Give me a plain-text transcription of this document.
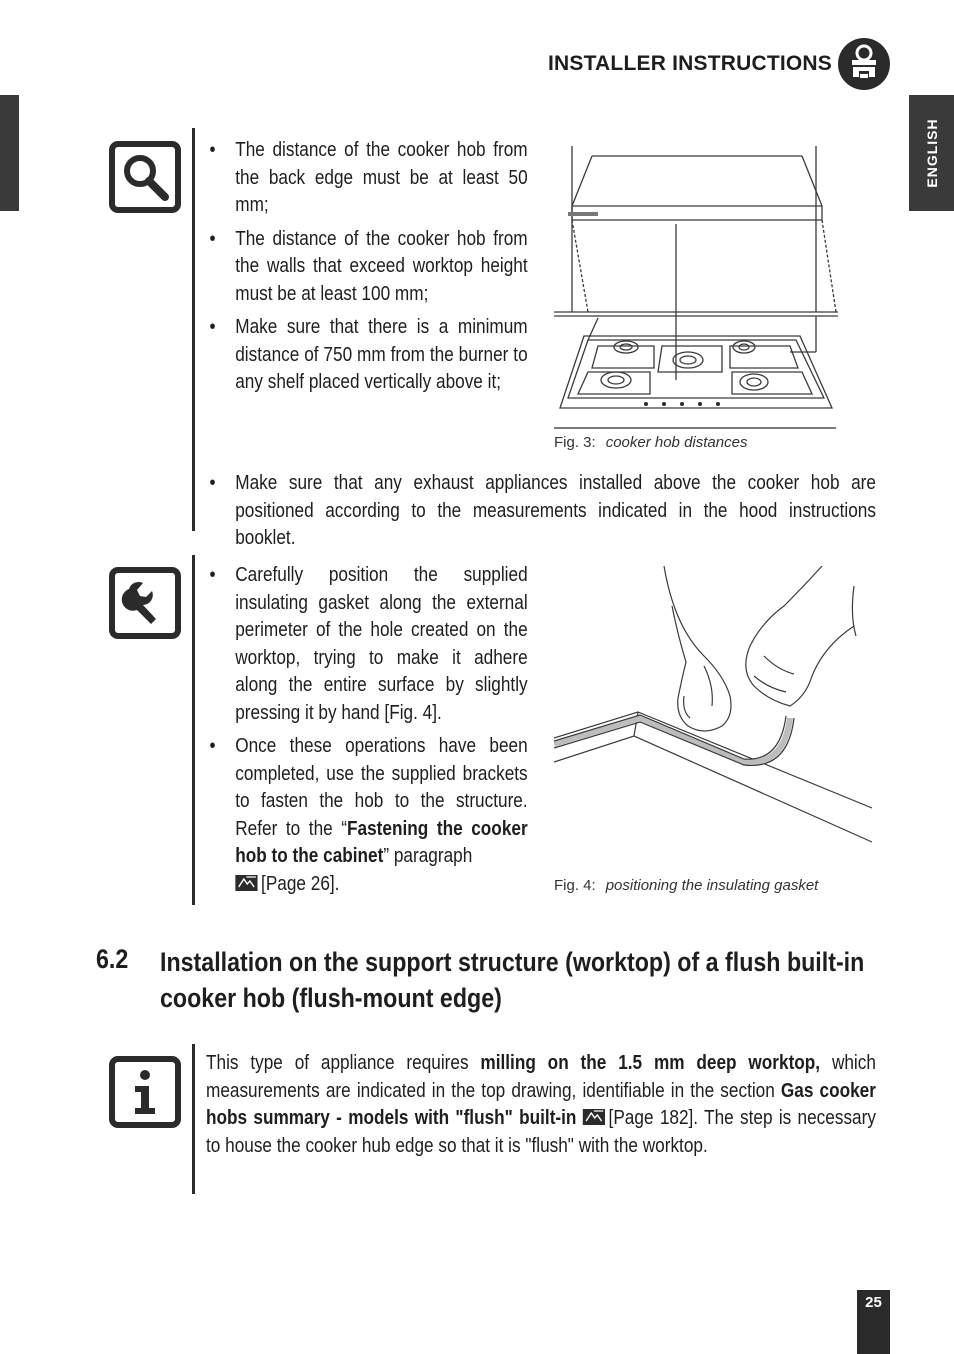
INSTALLER INSTRUCTIONS
ENGLISH
• The distance of the cooker hob from the back edge must be at least 50 mm;
• The distance of the cooker hob from the walls that exceed worktop height must be at least 100 mm;
• Make sure that there is a minimum distance of 750 mm from the burner to any shelf placed vertically above it;
Fig. 3: cooker hob distances
• Make sure that any exhaust appliances installed above the cooker hob are positioned according to the measurements indicated in the hood instructions booklet.
• Carefully position the supplied insulating gasket along the external perimeter of the hole created on the worktop, trying to make it adhere along the entire surface by slightly pressing it by hand [Fig. 4].
• Once these operations have been completed, use the supplied brackets to fasten the hob to the structure. Refer to the “Fastening the cooker hob to the cabinet” paragraph
[Page 26].	Fig. 4: positioning the insulating gasket
6.2 Installation on the support structure (worktop) of a flush built-in cooker hob (flush-mount edge)
This type of appliance requires milling on the 1.5 mm deep worktop, which measurements are indicated in the top drawing, identifiable in the section Gas cooker hobs summary - models with "flush" built-in [Page 182]. The step is necessary to house the cooker hub edge so that it is "flush" with the worktop.
25
